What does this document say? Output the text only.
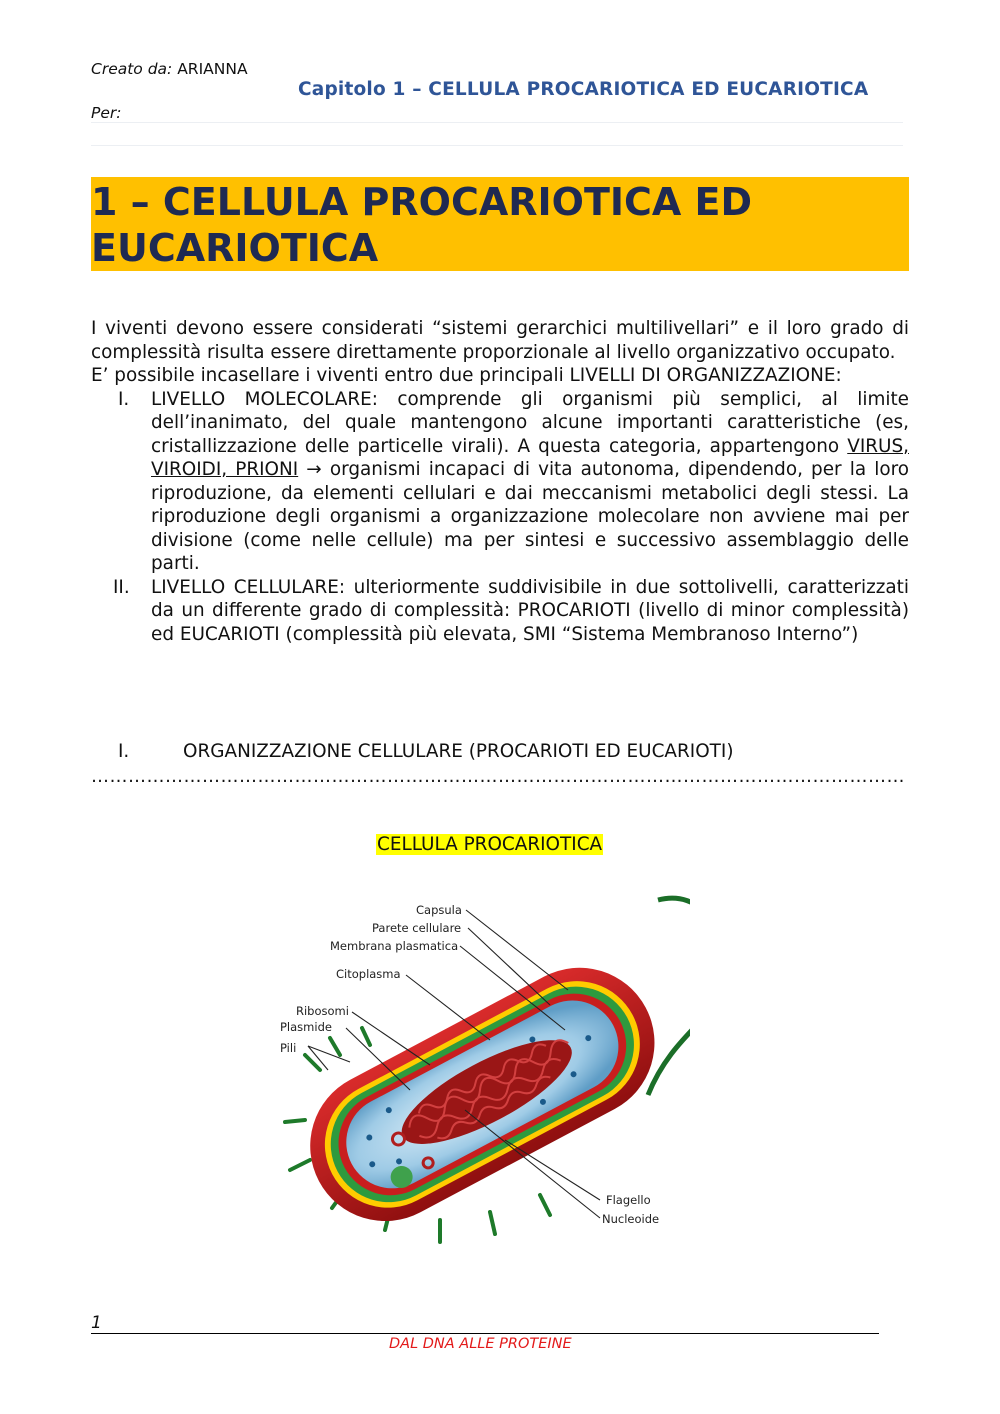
Creato da: ARIANNA
Capitolo 1 – CELLULA PROCARIOTICA ED EUCARIOTICA
Per:
1 – CELLULA PROCARIOTICA ED EUCARIOTICA

I viventi devono essere considerati “sistemi gerarchici multilivellari” e il loro grado di complessità risulta essere direttamente proporzionale al livello organizzativo occupato.

E’ possibile incasellare i viventi entro due principali LIVELLI DI ORGANIZZAZIONE:

I. LIVELLO MOLECOLARE: comprende gli organismi più semplici, al limite dell’inanimato, del quale mantengono alcune importanti caratteristiche (es, cristallizzazione delle particelle virali). A questa categoria, appartengono VIRUS, VIROIDI, PRIONI → organismi incapaci di vita autonoma, dipendendo, per la loro riproduzione, da elementi cellulari e dai meccanismi metabolici degli stessi. La riproduzione degli organismi a organizzazione molecolare non avviene mai per divisione (come nelle cellule) ma per sintesi e successivo assemblaggio delle parti.
II. LIVELLO CELLULARE: ulteriormente suddivisibile in due sottolivelli, caratterizzati da un differente grado di complessità: PROCARIOTI (livello di minor complessità) ed EUCARIOTI (complessità più elevata, SMI “Sistema Membranoso Interno”)
I.	ORGANIZZAZIONE CELLULARE (PROCARIOTI ED EUCARIOTI)
……………………………………………………………………………………………………………………
CELLULA PROCARIOTICA
Capsula
Parete cellulare
Membrana plasmatica
Citoplasma
Ribosomi
Plasmide
Pili
Flagello
Nucleoide
1
DAL DNA ALLE PROTEINE
